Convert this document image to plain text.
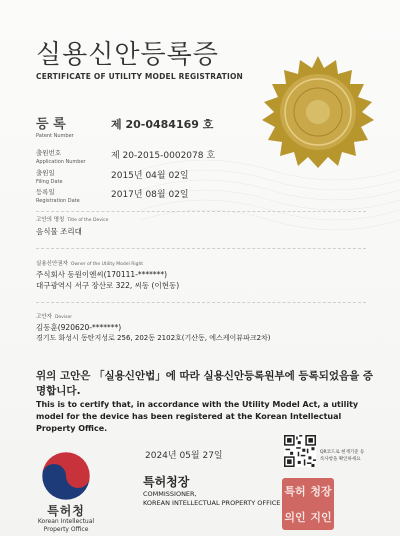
실용신안등록증
CERTIFICATE OF UTILITY MODEL REGISTRATION
등 록
Patent Number
제 20-0484169 호
출원번호
Application Number
제 20-2015-0002078 호
출원일
Filing Date
2015년 04월 02일
등록일
Registration Date
2017년 08월 02일
고안의 명칭 Title of the Device
음식물 조리대
실용신안권자 Owner of the Utility Model Right
주식회사 동원이엔씨(170111-*******)
대구광역시 서구 장산로 322, 씨동 (이현동)
고안자 Deviser
김동훈(920620-*******)
경기도 화성시 동탄지성로 256, 202동 2102호(기산동, 에스케이뷰파크2차)
위의 고안은 「실용신안법」에 따라 실용신안등록원부에 등록되었음을 증명합니다.
This is to certify that, in accordance with the Utility Model Act, a utility model for the device has been registered at the Korean Intellectual Property Office.
특허청
Korean Intellectual Property Office
2024년 05월 27일
특허청장
COMMISSIONER,
KOREAN INTELLECTUAL PROPERTY OFFICE
QR코드로 현재기준 등록사항을 확인하세요
특허 청장
의인 지인
